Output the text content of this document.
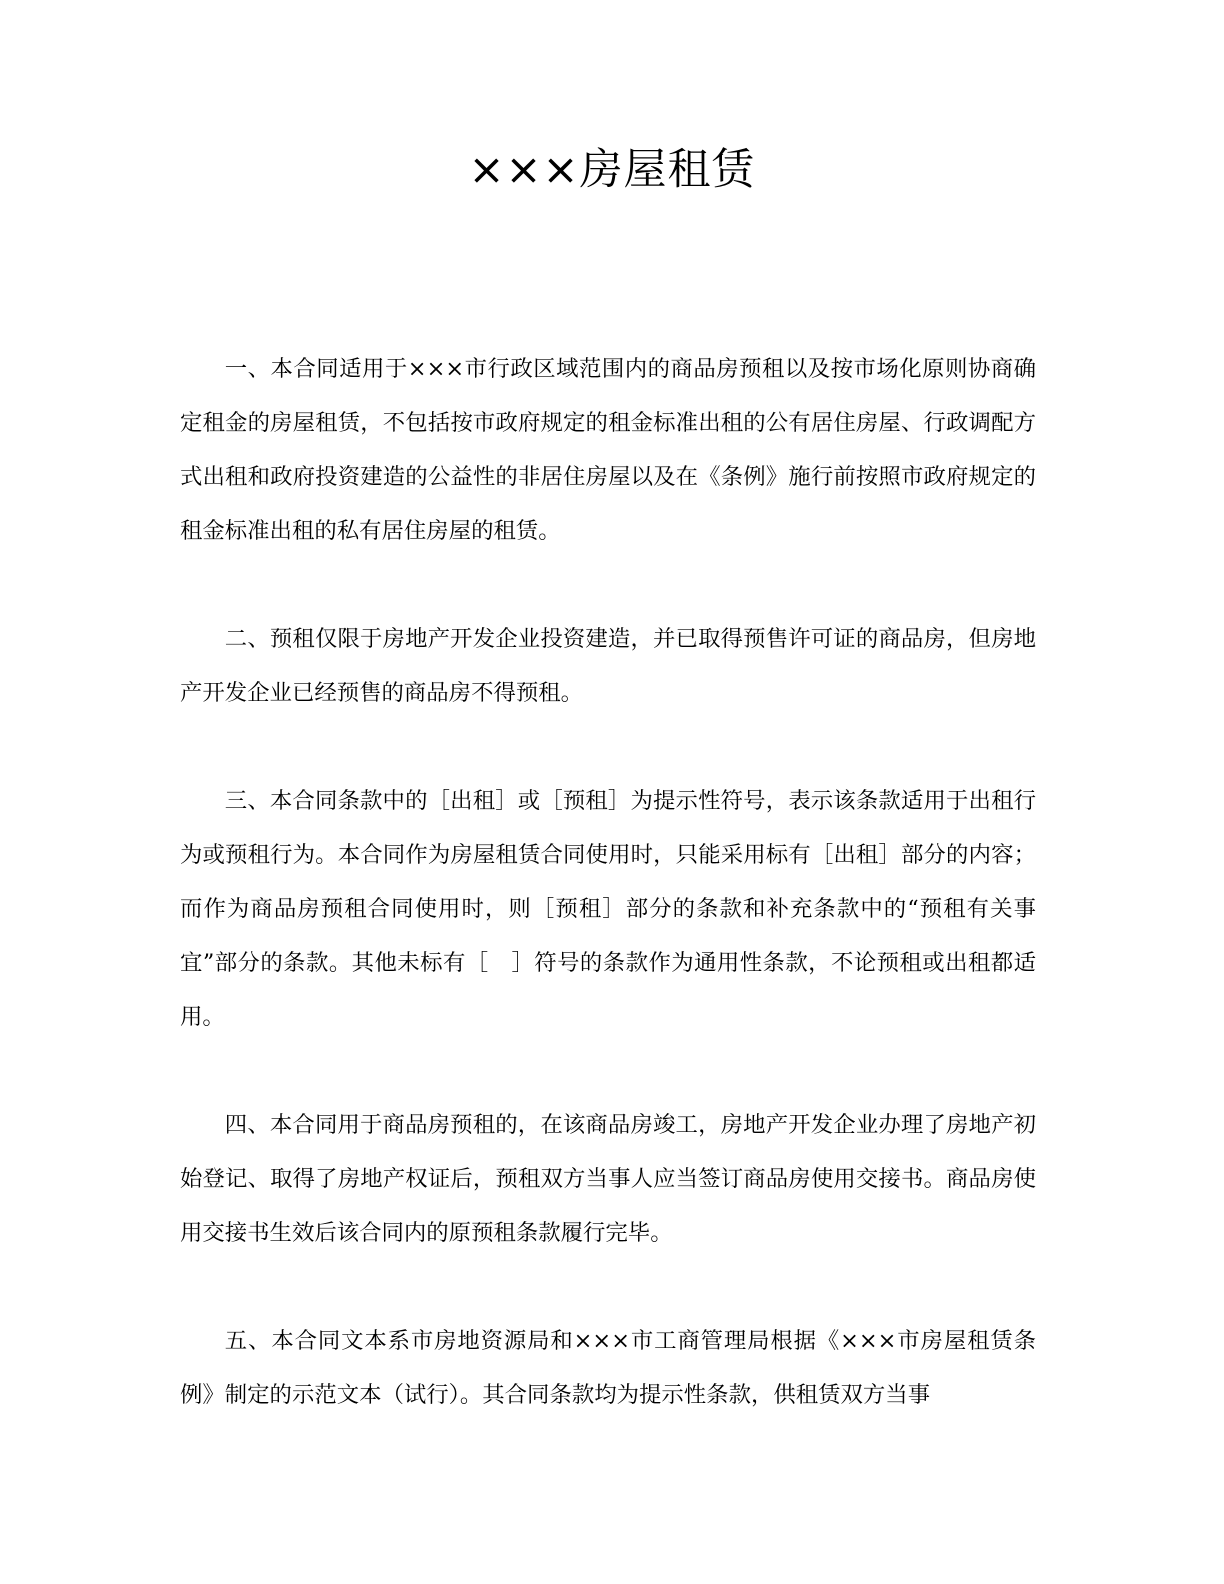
×××房屋租赁

一、本合同适用于×××市行政区域范围内的商品房预租以及按市场化原则协商确定租金的房屋租赁，不包括按市政府规定的租金标准出租的公有居住房屋、行政调配方式出租和政府投资建造的公益性的非居住房屋以及在《条例》施行前按照市政府规定的租金标准出租的私有居住房屋的租赁。

二、预租仅限于房地产开发企业投资建造，并已取得预售许可证的商品房，但房地产开发企业已经预售的商品房不得预租。

三、本合同条款中的［出租］或［预租］为提示性符号，表示该条款适用于出租行为或预租行为。本合同作为房屋租赁合同使用时，只能采用标有［出租］部分的内容；而作为商品房预租合同使用时，则［预租］部分的条款和补充条款中的“预租有关事宜”部分的条款。其他未标有［　］符号的条款作为通用性条款，不论预租或出租都适用。

四、本合同用于商品房预租的，在该商品房竣工，房地产开发企业办理了房地产初始登记、取得了房地产权证后，预租双方当事人应当签订商品房使用交接书。商品房使用交接书生效后该合同内的原预租条款履行完毕。

五、本合同文本系市房地资源局和×××市工商管理局根据《×××市房屋租赁条例》制定的示范文本（试行）。其合同条款均为提示性条款，供租赁双方当事
